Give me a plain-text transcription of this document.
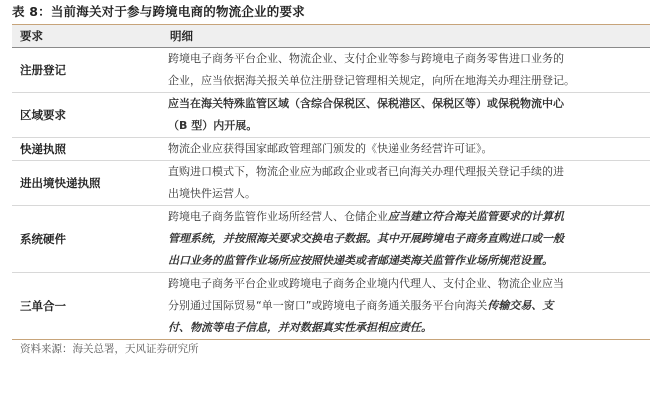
表 8：当前海关对于参与跨境电商的物流企业的要求
要求	明细
注册登记	跨境电子商务平台企业、物流企业、支付企业等参与跨境电子商务零售进口业务的
企业，应当依据海关报关单位注册登记管理相关规定，向所在地海关办理注册登记。

区域要求	应当在海关特殊监管区域（含综合保税区、保税港区、保税区等）或保税物流中心
（B 型）内开展。

快递执照	物流企业应获得国家邮政管理部门颁发的《快递业务经营许可证》。

进出境快递执照	直购进口模式下，物流企业应为邮政企业或者已向海关办理代理报关登记手续的进
出境快件运营人。

系统硬件	跨境电子商务监管作业场所经营人、仓储企业应当建立符合海关监管要求的计算机
管理系统，并按照海关要求交换电子数据。其中开展跨境电子商务直购进口或一般
出口业务的监管作业场所应按照快递类或者邮递类海关监管作业场所规范设置。

三单合一	跨境电子商务平台企业或跨境电子商务企业境内代理人、支付企业、物流企业应当
分别通过国际贸易“单一窗口”或跨境电子商务通关服务平台向海关传输交易、支
付、物流等电子信息，并对数据真实性承担相应责任。
资料来源：海关总署，天风证券研究所
